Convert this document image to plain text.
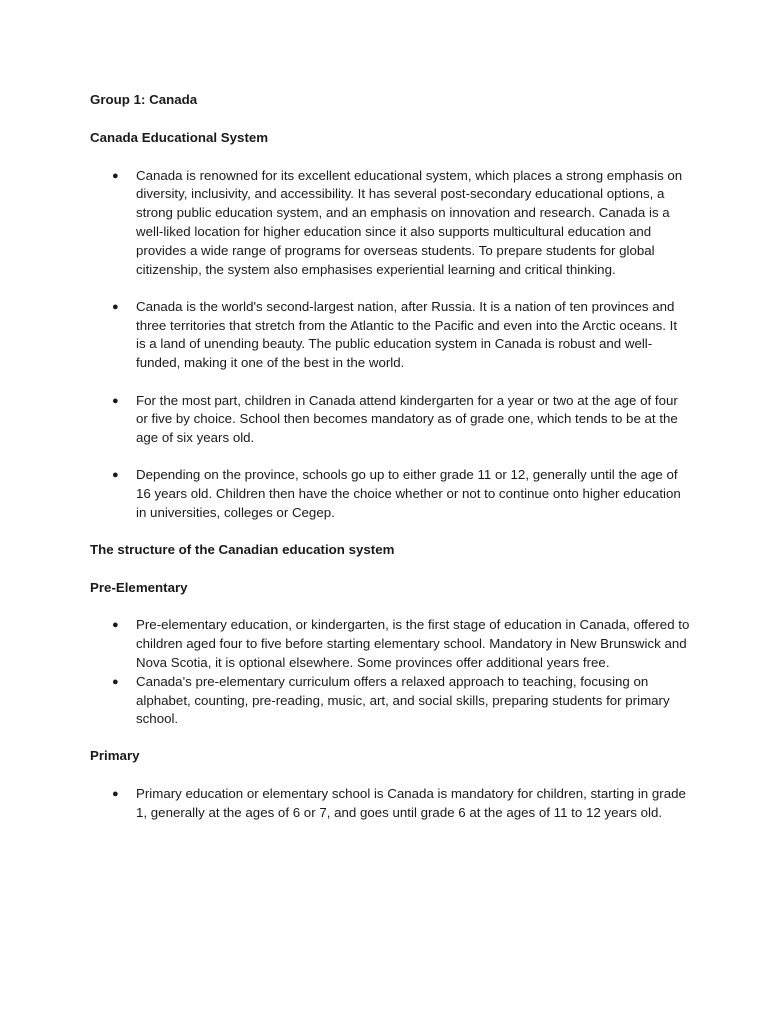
Group 1: Canada

Canada Educational System

● Canada is renowned for its excellent educational system, which places a strong emphasis on diversity, inclusivity, and accessibility. It has several post-secondary educational options, a strong public education system, and an emphasis on innovation and research. Canada is a well-liked location for higher education since it also supports multicultural education and provides a wide range of programs for overseas students. To prepare students for global citizenship, the system also emphasises experiential learning and critical thinking.
● Canada is the world's second-largest nation, after Russia. It is a nation of ten provinces and three territories that stretch from the Atlantic to the Pacific and even into the Arctic oceans. It is a land of unending beauty. The public education system in Canada is robust and well-funded, making it one of the best in the world.
● For the most part, children in Canada attend kindergarten for a year or two at the age of four or five by choice. School then becomes mandatory as of grade one, which tends to be at the age of six years old.
● Depending on the province, schools go up to either grade 11 or 12, generally until the age of 16 years old. Children then have the choice whether or not to continue onto higher education in universities, colleges or Cegep.

The structure of the Canadian education system

Pre-Elementary

● Pre-elementary education, or kindergarten, is the first stage of education in Canada, offered to children aged four to five before starting elementary school. Mandatory in New Brunswick and Nova Scotia, it is optional elsewhere. Some provinces offer additional years free.
● Canada's pre-elementary curriculum offers a relaxed approach to teaching, focusing on alphabet, counting, pre-reading, music, art, and social skills, preparing students for primary school.

Primary

● Primary education or elementary school is Canada is mandatory for children, starting in grade 1, generally at the ages of 6 or 7, and goes until grade 6 at the ages of 11 to 12 years old.
